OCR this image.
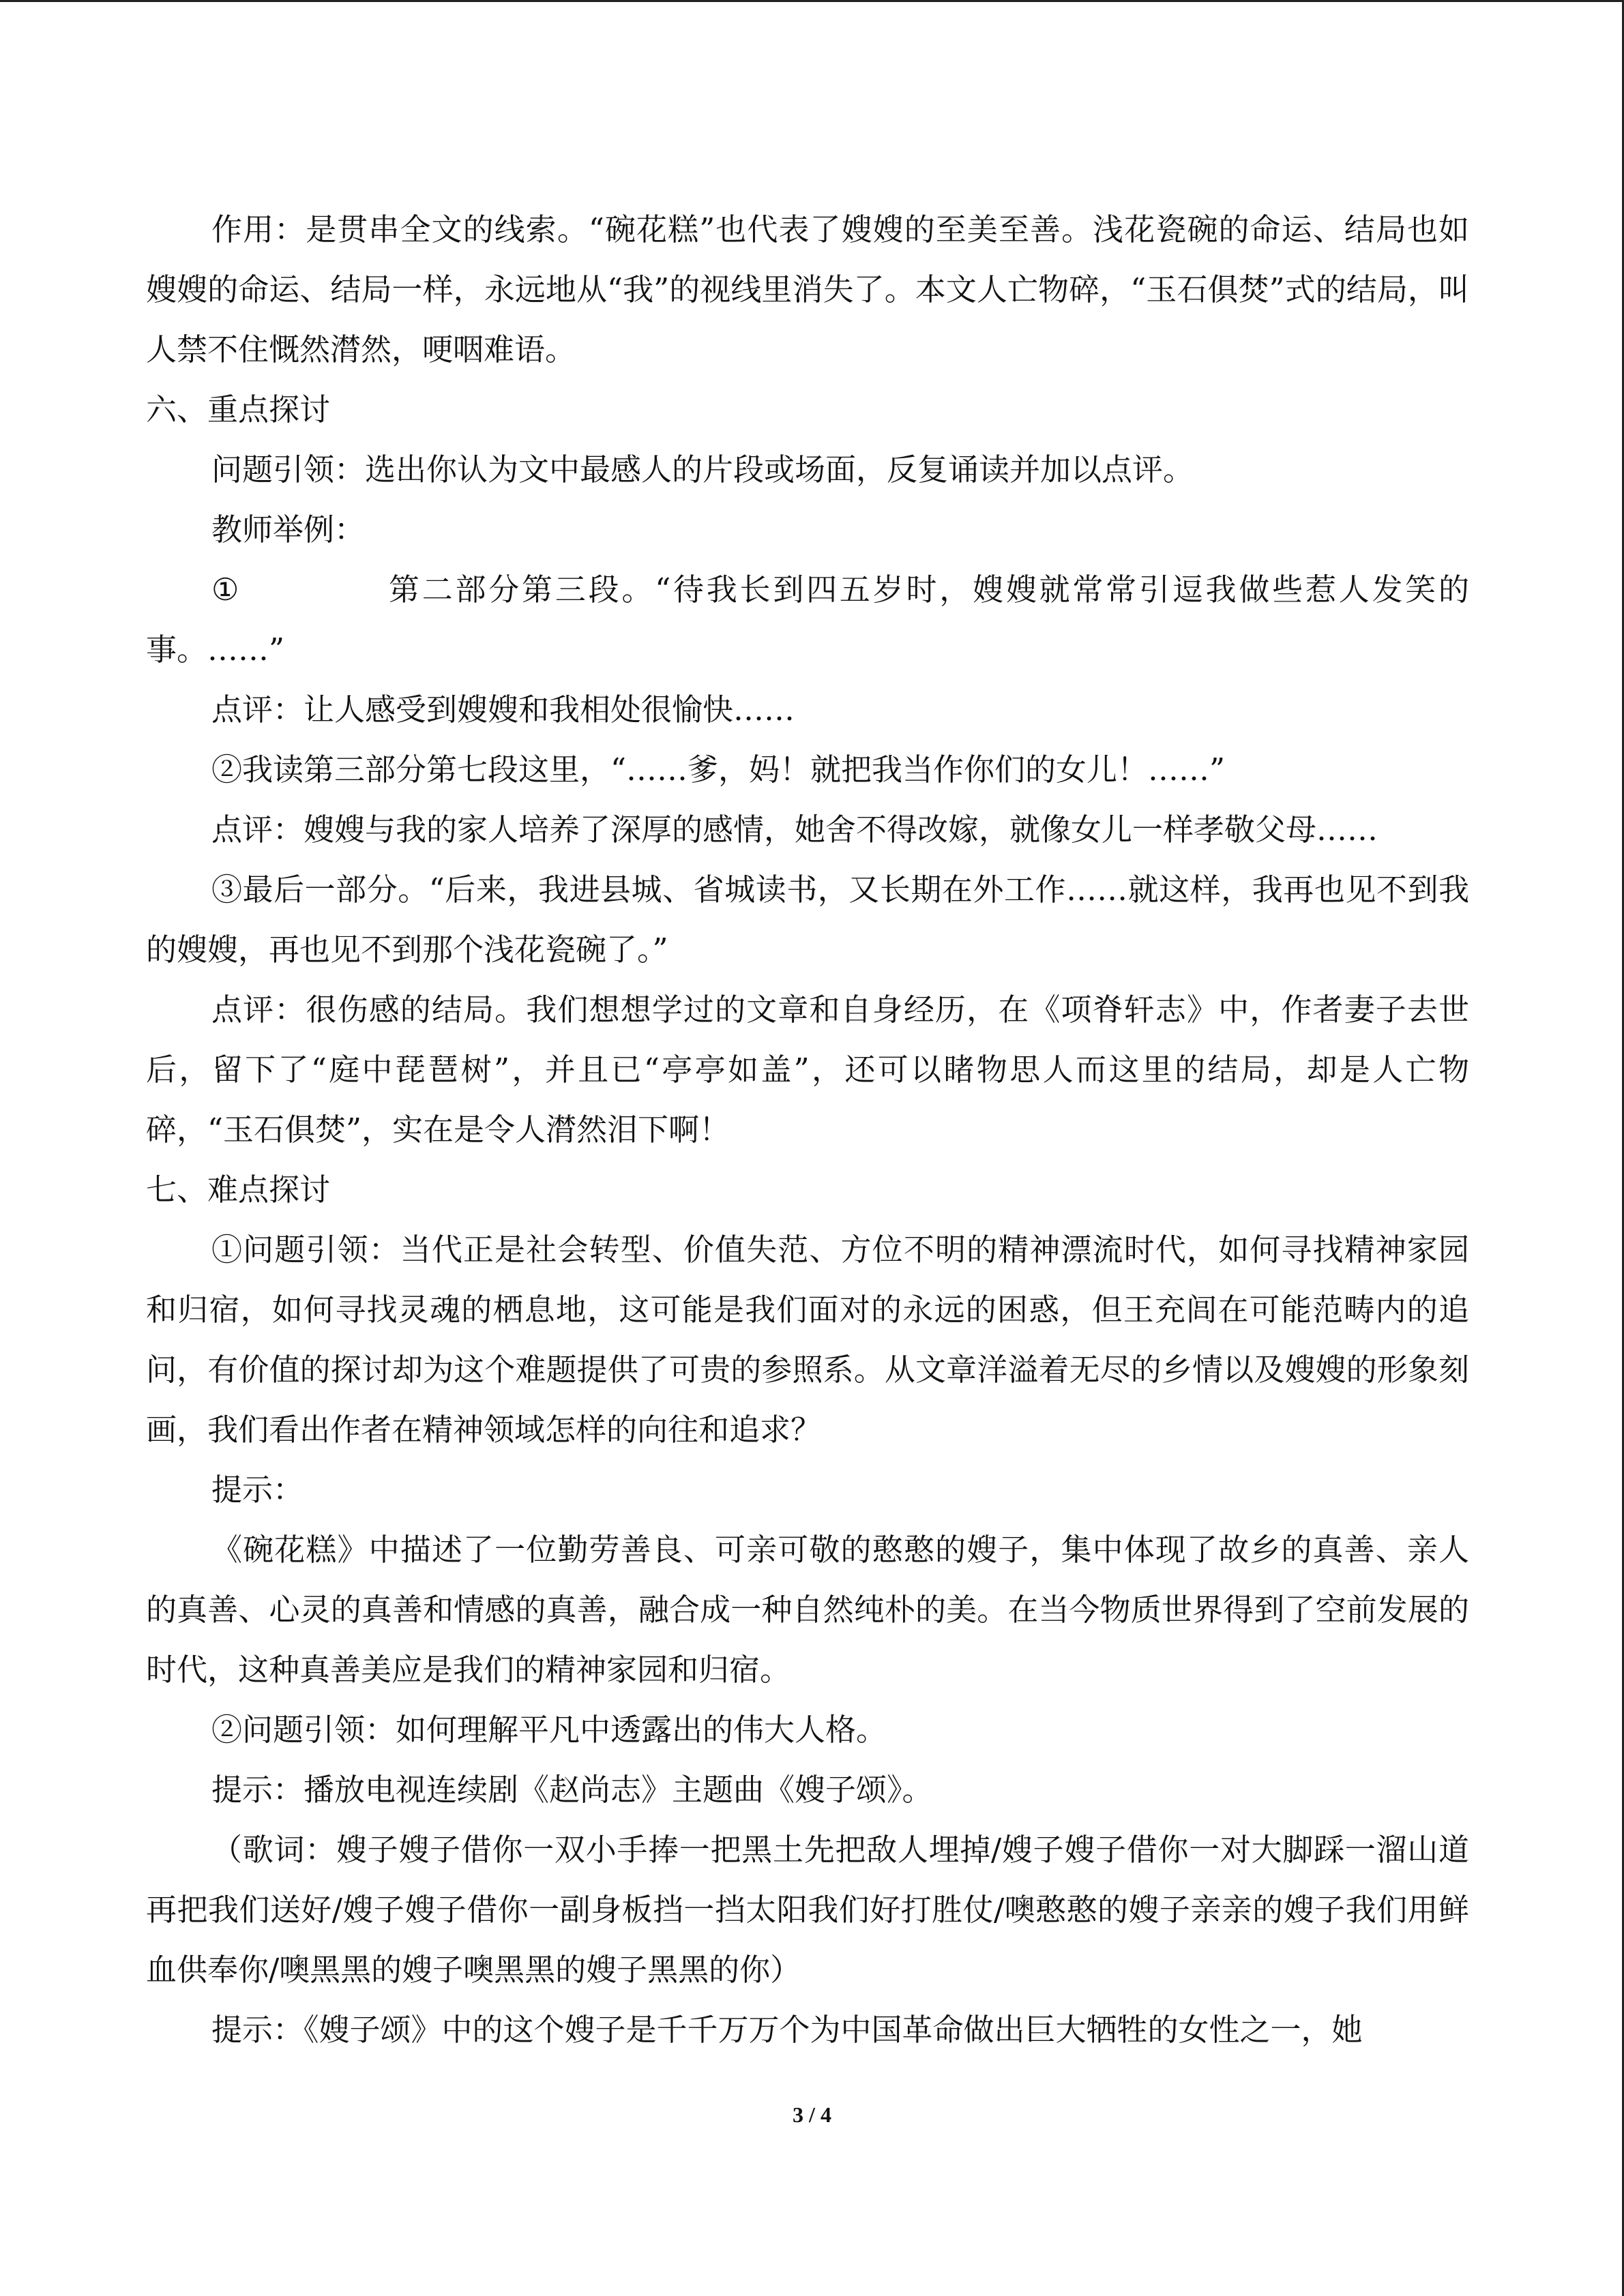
作用：是贯串全文的线索。“碗花糕”也代表了嫂嫂的至美至善。浅花瓷碗的命运、结局也如嫂嫂的命运、结局一样，永远地从“我”的视线里消失了。本文人亡物碎，“玉石俱焚”式的结局，叫人禁不住慨然潸然，哽咽难语。

六、重点探讨

问题引领：选出你认为文中最感人的片段或场面，反复诵读并加以点评。

教师举例：

①	第二部分第三段。“待我长到四五岁时，嫂嫂就常常引逗我做些惹人发笑的事。……”

点评：让人感受到嫂嫂和我相处很愉快……

②我读第三部分第七段这里，“……爹，妈！就把我当作你们的女儿！……”

点评：嫂嫂与我的家人培养了深厚的感情，她舍不得改嫁，就像女儿一样孝敬父母……

③最后一部分。“后来，我进县城、省城读书，又长期在外工作……就这样，我再也见不到我的嫂嫂，再也见不到那个浅花瓷碗了。”

点评：很伤感的结局。我们想想学过的文章和自身经历，在《项脊轩志》中，作者妻子去世后，留下了“庭中琵琶树”，并且已“亭亭如盖”，还可以睹物思人而这里的结局，却是人亡物碎，“玉石俱焚”，实在是令人潸然泪下啊！

七、难点探讨

①问题引领：当代正是社会转型、价值失范、方位不明的精神漂流时代，如何寻找精神家园和归宿，如何寻找灵魂的栖息地，这可能是我们面对的永远的困惑，但王充闾在可能范畴内的追问，有价值的探讨却为这个难题提供了可贵的参照系。从文章洋溢着无尽的乡情以及嫂嫂的形象刻画，我们看出作者在精神领域怎样的向往和追求？

提示：

《碗花糕》中描述了一位勤劳善良、可亲可敬的憨憨的嫂子，集中体现了故乡的真善、亲人的真善、心灵的真善和情感的真善，融合成一种自然纯朴的美。在当今物质世界得到了空前发展的时代，这种真善美应是我们的精神家园和归宿。

②问题引领：如何理解平凡中透露出的伟大人格。

提示：播放电视连续剧《赵尚志》主题曲《嫂子颂》。

（歌词：嫂子嫂子借你一双小手捧一把黑土先把敌人埋掉/嫂子嫂子借你一对大脚踩一溜山道再把我们送好/嫂子嫂子借你一副身板挡一挡太阳我们好打胜仗/噢憨憨的嫂子亲亲的嫂子我们用鲜血供奉你/噢黑黑的嫂子噢黑黑的嫂子黑黑的你）

提示：《嫂子颂》中的这个嫂子是千千万万个为中国革命做出巨大牺牲的女性之一，她

3 / 4
